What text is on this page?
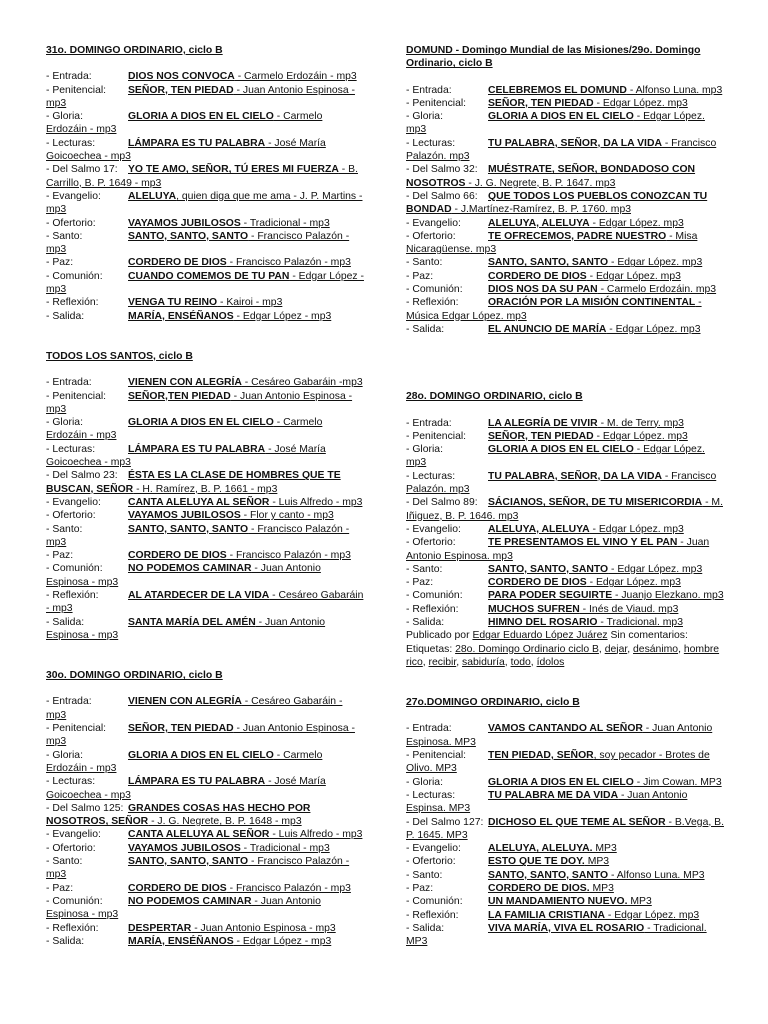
31o. DOMINGO ORDINARIO, ciclo B
- Entrada:	DIOS NOS CONVOCA - Carmelo Erdozáin - mp3
- Penitencial: SEÑOR, TEN PIEDAD - Juan Antonio Espinosa - mp3
- Gloria:	GLORIA A DIOS EN EL CIELO - Carmelo Erdozáin - mp3
- Lecturas:	LÁMPARA ES TU PALABRA - José María Goicoechea - mp3
- Del Salmo 17: YO TE AMO, SEÑOR, TÚ ERES MI FUERZA - B. Carrillo, B. P. 1649 - mp3
- Evangelio:	ALELUYA, quien diga que me ama - J. P. Martins - mp3
- Ofertorio:	VAYAMOS JUBILOSOS - Tradicional - mp3
- Santo:	SANTO, SANTO, SANTO - Francisco Palazón - mp3
- Paz:	CORDERO DE DIOS - Francisco Palazón - mp3
- Comunión: CUANDO COMEMOS DE TU PAN - Edgar López - mp3
- Reflexión:	VENGA TU REINO - Kairoi - mp3
- Salida:	MARÍA, ENSÉÑANOS - Edgar López - mp3
TODOS LOS SANTOS, ciclo B
- Entrada:	VIENEN CON ALEGRÍA - Cesáreo Gabaráin -mp3
- Penitencial: SEÑOR,TEN PIEDAD - Juan Antonio Espinosa - mp3
- Gloria:	GLORIA A DIOS EN EL CIELO - Carmelo Erdozáin - mp3
- Lecturas:	LÁMPARA ES TU PALABRA - José María Goicoechea - mp3
- Del Salmo 23: ÉSTA ES LA CLASE DE HOMBRES QUE TE BUSCAN, SEÑOR - H. Ramírez, B. P. 1661 - mp3
- Evangelio:	CANTA ALELUYA AL SEÑOR - Luis Alfredo - mp3
- Ofertorio:	VAYAMOS JUBILOSOS - Flor y canto - mp3
- Santo:	SANTO, SANTO, SANTO - Francisco Palazón - mp3
- Paz:	CORDERO DE DIOS - Francisco Palazón - mp3
- Comunión: NO PODEMOS CAMINAR - Juan Antonio Espinosa - mp3
- Reflexión:	AL ATARDECER DE LA VIDA - Cesáreo Gabaráin - mp3
- Salida:	SANTA MARÍA DEL AMÉN - Juan Antonio Espinosa - mp3
30o. DOMINGO ORDINARIO, ciclo B
- Entrada:	VIENEN CON ALEGRÍA - Cesáreo Gabaráin - mp3
- Penitencial: SEÑOR, TEN PIEDAD - Juan Antonio Espinosa - mp3
- Gloria:	GLORIA A DIOS EN EL CIELO - Carmelo Erdozáin - mp3
- Lecturas:	LÁMPARA ES TU PALABRA - José María Goicoechea - mp3
- Del Salmo 125: GRANDES COSAS HAS HECHO POR NOSOTROS, SEÑOR - J. G. Negrete, B. P. 1648 - mp3
- Evangelio:	CANTA ALELUYA AL SEÑOR - Luis Alfredo - mp3
- Ofertorio:	VAYAMOS JUBILOSOS - Tradicional - mp3
- Santo:	SANTO, SANTO, SANTO - Francisco Palazón - mp3
- Paz:	CORDERO DE DIOS - Francisco Palazón - mp3
- Comunión: NO PODEMOS CAMINAR - Juan Antonio Espinosa - mp3
- Reflexión:	DESPERTAR - Juan Antonio Espinosa - mp3
- Salida:	MARÍA, ENSÉÑANOS - Edgar López - mp3
DOMUND - Domingo Mundial de las Misiones/29o. Domingo Ordinario, ciclo B
- Entrada:	CELEBREMOS EL DOMUND - Alfonso Luna. mp3
- Penitencial: SEÑOR, TEN PIEDAD - Edgar López. mp3
- Gloria:	GLORIA A DIOS EN EL CIELO - Edgar López. mp3
- Lecturas:	TU PALABRA, SEÑOR, DA LA VIDA - Francisco Palazón. mp3
- Del Salmo 32: MUÉSTRATE, SEÑOR, BONDADOSO CON NOSOTROS - J. G. Negrete, B. P. 1647. mp3
- Del Salmo 66: QUE TODOS LOS PUEBLOS CONOZCAN TU BONDAD - J.Martínez-Ramírez, B. P. 1760. mp3
- Evangelio:	ALELUYA, ALELUYA - Edgar López. mp3
- Ofertorio:	TE OFRECEMOS, PADRE NUESTRO - Misa Nicaragüense. mp3
- Santo:	SANTO, SANTO, SANTO - Edgar López. mp3
- Paz:	CORDERO DE DIOS - Edgar López. mp3
- Comunión: DIOS NOS DA SU PAN - Carmelo Erdozáin. mp3
- Reflexión:	ORACIÓN POR LA MISIÓN CONTINENTAL - Música Edgar López. mp3
- Salida:	EL ANUNCIO DE MARÍA - Edgar López. mp3
28o. DOMINGO ORDINARIO, ciclo B
- Entrada:	LA ALEGRÍA DE VIVIR - M. de Terry. mp3
- Penitencial: SEÑOR, TEN PIEDAD - Edgar López. mp3
- Gloria:	GLORIA A DIOS EN EL CIELO - Edgar López. mp3
- Lecturas:	TU PALABRA, SEÑOR, DA LA VIDA - Francisco Palazón. mp3
- Del Salmo 89: SÁCIANOS, SEÑOR, DE TU MISERICORDIA - M. Iñiguez, B. P. 1646. mp3
- Evangelio:	ALELUYA, ALELUYA - Edgar López. mp3
- Ofertorio:	TE PRESENTAMOS EL VINO Y EL PAN - Juan Antonio Espinosa. mp3
- Santo:	SANTO, SANTO, SANTO - Edgar López. mp3
- Paz:	CORDERO DE DIOS - Edgar López. mp3
- Comunión: PARA PODER SEGUIRTE - Juanjo Elezkano. mp3
- Reflexión:	MUCHOS SUFREN - Inés de Viaud. mp3
- Salida:	HIMNO DEL ROSARIO - Tradicional. mp3
Publicado por Edgar Eduardo López Juárez Sin comentarios:
Etiquetas: 28o. Domingo Ordinario ciclo B, dejar, desánimo, hombre rico, recibir, sabiduría, todo, ídolos
27o.DOMINGO ORDINARIO, ciclo B
- Entrada:	VAMOS CANTANDO AL SEÑOR - Juan Antonio Espinosa. MP3
- Penitencial: TEN PIEDAD, SEÑOR, soy pecador - Brotes de Olivo. MP3
- Gloria:	GLORIA A DIOS EN EL CIELO - Jim Cowan. MP3
- Lecturas:	TU PALABRA ME DA VIDA - Juan Antonio Espinsa. MP3
- Del Salmo 127: DICHOSO EL QUE TEME AL SEÑOR - B.Vega, B. P. 1645. MP3
- Evangelio:	ALELUYA, ALELUYA. MP3
- Ofertorio:	ESTO QUE TE DOY. MP3
- Santo:	SANTO, SANTO, SANTO - Alfonso Luna. MP3
- Paz:	CORDERO DE DIOS. MP3
- Comunión: UN MANDAMIENTO NUEVO. MP3
- Reflexión:	LA FAMILIA CRISTIANA - Edgar López. mp3
- Salida:	VIVA MARÍA, VIVA EL ROSARIO - Tradicional. MP3
